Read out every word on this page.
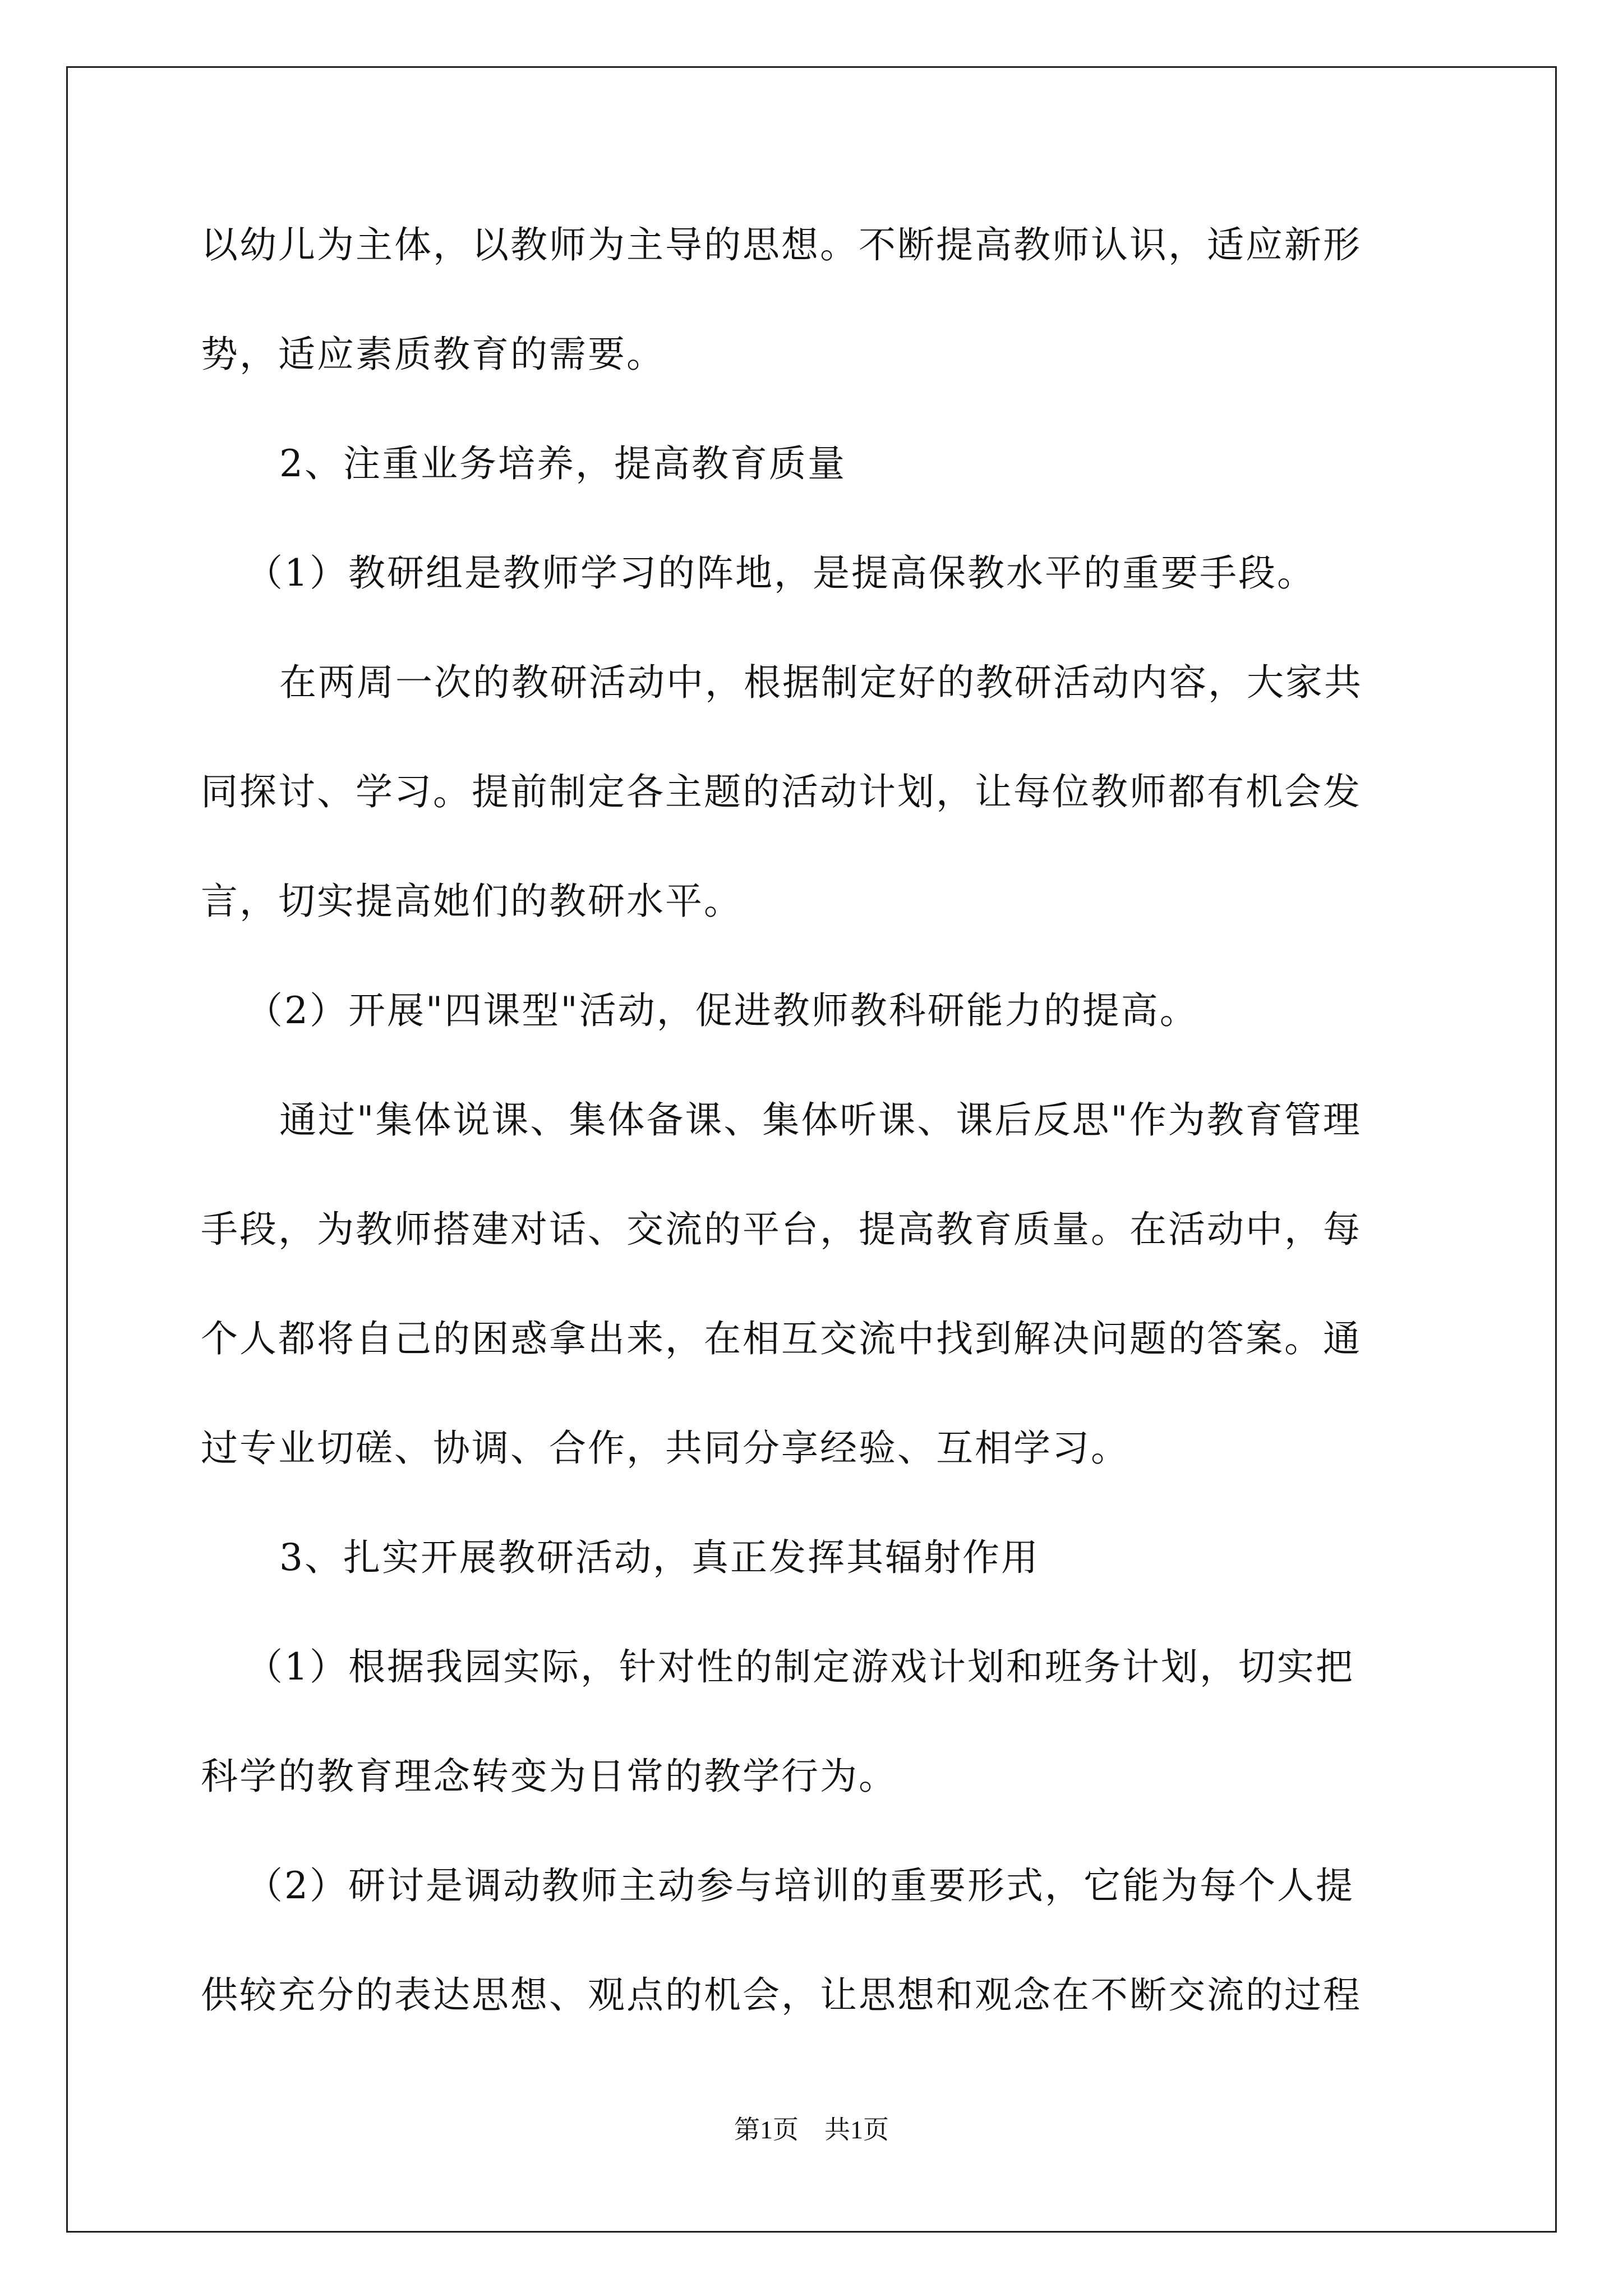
以幼儿为主体，以教师为主导的思想。不断提高教师认识，适应新形
势，适应素质教育的需要。
2、注重业务培养，提高教育质量
（1）教研组是教师学习的阵地，是提高保教水平的重要手段。
在两周一次的教研活动中，根据制定好的教研活动内容，大家共
同探讨、学习。提前制定各主题的活动计划，让每位教师都有机会发
言，切实提高她们的教研水平。
（2）开展"四课型"活动，促进教师教科研能力的提高。
通过"集体说课、集体备课、集体听课、课后反思"作为教育管理
手段，为教师搭建对话、交流的平台，提高教育质量。在活动中，每
个人都将自己的困惑拿出来，在相互交流中找到解决问题的答案。通
过专业切磋、协调、合作，共同分享经验、互相学习。
3、扎实开展教研活动，真正发挥其辐射作用
（1）根据我园实际，针对性的制定游戏计划和班务计划，切实把
科学的教育理念转变为日常的教学行为。
（2）研讨是调动教师主动参与培训的重要形式，它能为每个人提
供较充分的表达思想、观点的机会，让思想和观念在不断交流的过程
第1页　共1页
